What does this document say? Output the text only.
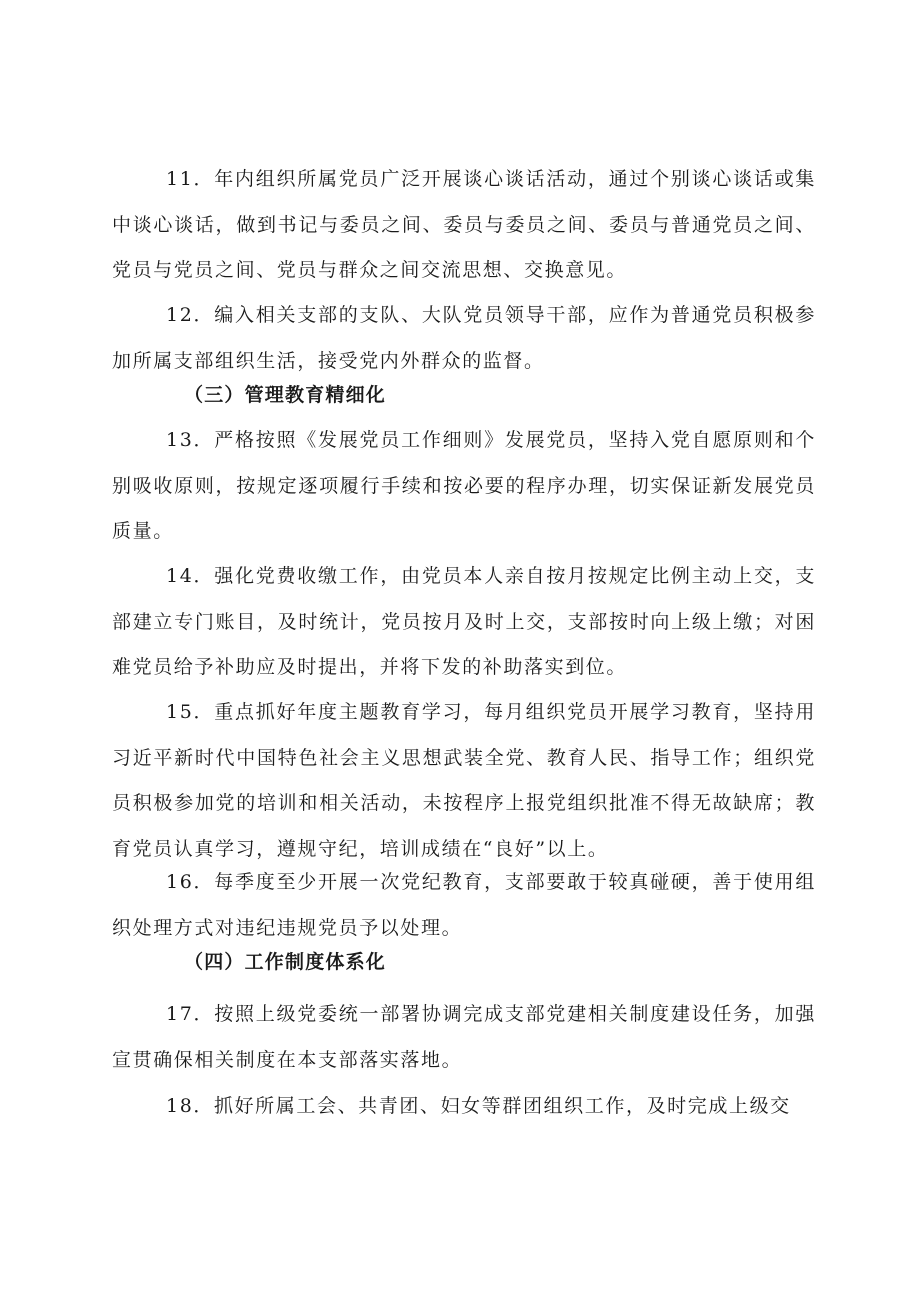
11．年内组织所属党员广泛开展谈心谈话活动，通过个别谈心谈话或集中谈心谈话，做到书记与委员之间、委员与委员之间、委员与普通党员之间、党员与党员之间、党员与群众之间交流思想、交换意见。

12．编入相关支部的支队、大队党员领导干部，应作为普通党员积极参加所属支部组织生活，接受党内外群众的监督。

（三）管理教育精细化

13．严格按照《发展党员工作细则》发展党员，坚持入党自愿原则和个别吸收原则，按规定逐项履行手续和按必要的程序办理，切实保证新发展党员质量。

14．强化党费收缴工作，由党员本人亲自按月按规定比例主动上交，支部建立专门账目，及时统计，党员按月及时上交，支部按时向上级上缴；对困难党员给予补助应及时提出，并将下发的补助落实到位。

15．重点抓好年度主题教育学习，每月组织党员开展学习教育，坚持用习近平新时代中国特色社会主义思想武装全党、教育人民、指导工作；组织党员积极参加党的培训和相关活动，未按程序上报党组织批准不得无故缺席；教育党员认真学习，遵规守纪，培训成绩在“良好”以上。

16．每季度至少开展一次党纪教育，支部要敢于较真碰硬，善于使用组织处理方式对违纪违规党员予以处理。

（四）工作制度体系化

17．按照上级党委统一部署协调完成支部党建相关制度建设任务，加强宣贯确保相关制度在本支部落实落地。

18．抓好所属工会、共青团、妇女等群团组织工作，及时完成上级交
